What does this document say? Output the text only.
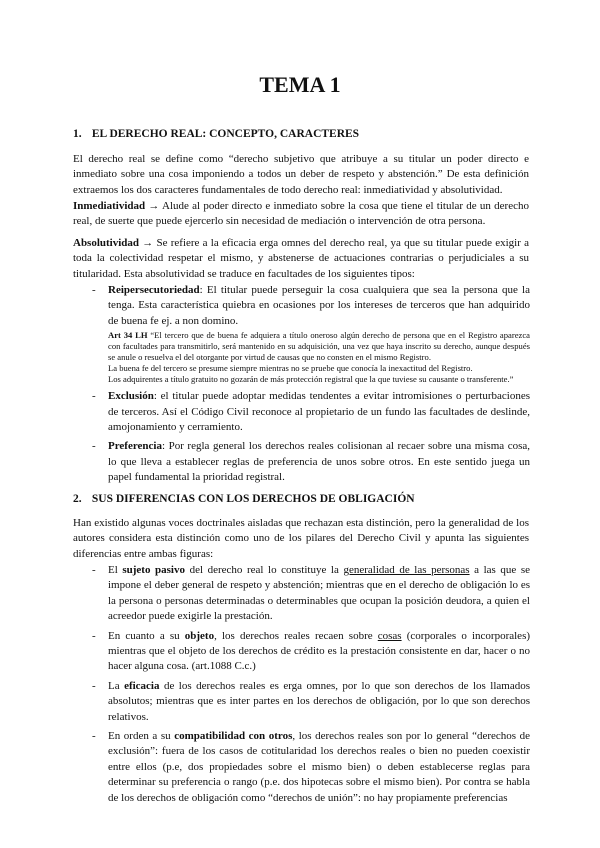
TEMA 1
1. EL DERECHO REAL: CONCEPTO, CARACTERES
El derecho real se define como “derecho subjetivo que atribuye a su titular un poder directo e inmediato sobre una cosa imponiendo a todos un deber de respeto y abstención.” De esta definición extraemos los dos caracteres fundamentales de todo derecho real: inmediatividad y absolutividad.
Inmediatividad → Alude al poder directo e inmediato sobre la cosa que tiene el titular de un derecho real, de suerte que puede ejercerlo sin necesidad de mediación o intervención de otra persona.
Absolutividad → Se refiere a la eficacia erga omnes del derecho real, ya que su titular puede exigir a toda la colectividad respetar el mismo, y abstenerse de actuaciones contrarias o perjudiciales a su titularidad. Esta absolutividad se traduce en facultades de los siguientes tipos:
- Reipersecutoriedad: El titular puede perseguir la cosa cualquiera que sea la persona que la tenga. Esta característica quiebra en ocasiones por los intereses de terceros que han adquirido de buena fe ej. a non domino.
Art 34 LH “El tercero que de buena fe adquiera a título oneroso algún derecho de persona que en el Registro aparezca con facultades para transmitirlo, será mantenido en su adquisición, una vez que haya inscrito su derecho, aunque después se anule o resuelva el del otorgante por virtud de causas que no consten en el mismo Registro.
La buena fe del tercero se presume siempre mientras no se pruebe que conocía la inexactitud del Registro.
Los adquirentes a título gratuito no gozarán de más protección registral que la que tuviese su causante o transferente.”
- Exclusión: el titular puede adoptar medidas tendentes a evitar intromisiones o perturbaciones de terceros. Así el Código Civil reconoce al propietario de un fundo las facultades de deslinde, amojonamiento y cerramiento.
- Preferencia: Por regla general los derechos reales colisionan al recaer sobre una misma cosa, lo que lleva a establecer reglas de preferencia de unos sobre otros. En este sentido juega un papel fundamental la prioridad registral.
2. SUS DIFERENCIAS CON LOS DERECHOS DE OBLIGACIÓN
Han existido algunas voces doctrinales aisladas que rechazan esta distinción, pero la generalidad de los autores considera esta distinción como uno de los pilares del Derecho Civil y apunta las siguientes diferencias entre ambas figuras:
- El sujeto pasivo del derecho real lo constituye la generalidad de las personas a las que se impone el deber general de respeto y abstención; mientras que en el derecho de obligación lo es la persona o personas determinadas o determinables que ocupan la posición deudora, a quien el acreedor puede exigirle la prestación.
- En cuanto a su objeto, los derechos reales recaen sobre cosas (corporales o incorporales) mientras que el objeto de los derechos de crédito es la prestación consistente en dar, hacer o no hacer alguna cosa. (art.1088 C.c.)
- La eficacia de los derechos reales es erga omnes, por lo que son derechos de los llamados absolutos; mientras que es inter partes en los derechos de obligación, por lo que son derechos relativos.
- En orden a su compatibilidad con otros, los derechos reales son por lo general “derechos de exclusión”: fuera de los casos de cotitularidad los derechos reales o bien no pueden coexistir entre ellos (p.e, dos propiedades sobre el mismo bien) o deben establecerse reglas para determinar su preferencia o rango (p.e. dos hipotecas sobre el mismo bien). Por contra se habla de los derechos de obligación como “derechos de unión”: no hay propiamente preferencias
